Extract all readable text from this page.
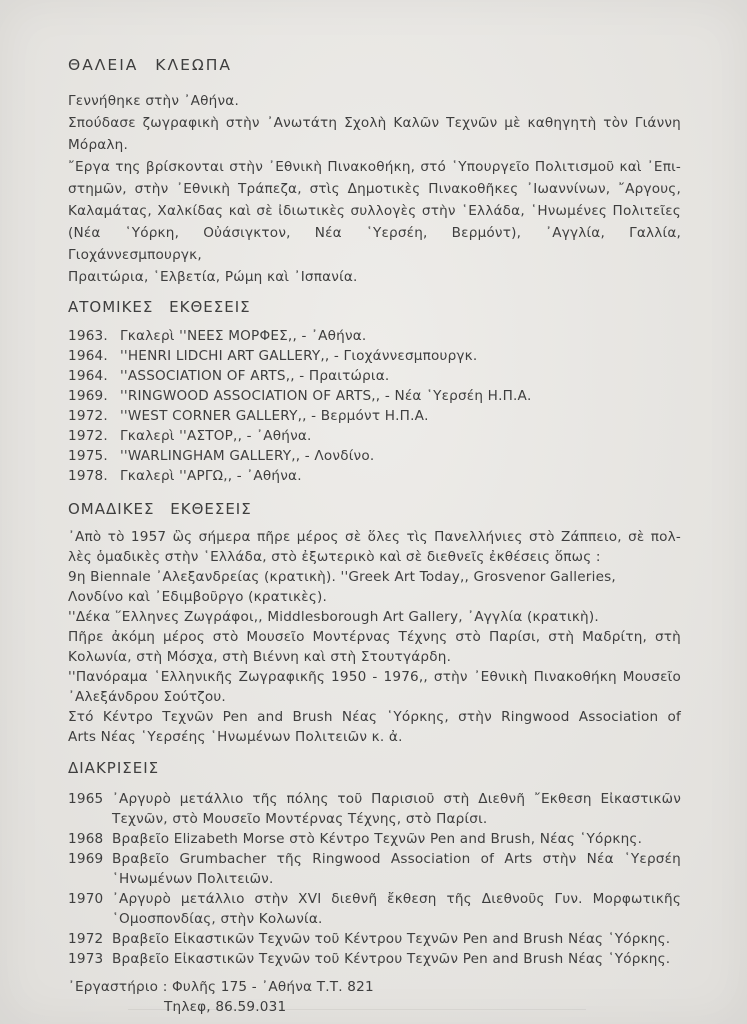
ΘΑΛΕΙΑ ΚΛΕΩΠΑ
Γεννήθηκε στὴν ᾿Αθήνα.
Σπούδασε ζωγραφικὴ στὴν ᾿Ανωτάτη Σχολὴ Καλῶν Τεχνῶν μὲ καθηγητὴ τὸν Γιάννη
Μόραλη.
῎Εργα της βρίσκονται στὴν ᾿Εθνικὴ Πινακοθήκη, στό ῾Υπουργεῖο Πολιτισμοῦ καὶ ᾿Επι-
στημῶν, στὴν ᾿Εθνικὴ Τράπεζα, στὶς Δημοτικὲς Πινακοθῆκες ᾿Ιωαννίνων, ῎Αργους,
Καλαμάτας, Χαλκίδας καὶ σὲ ἰδιωτικὲς συλλογὲς στὴν ῾Ελλάδα, ῾Ηνωμένες Πολιτεῖες
(Νέα ῾Υόρκη, Οὐάσιγκτον, Νέα ῾Υερσέη, Βερμόντ), ᾿Αγγλία, Γαλλία, Γιοχάννεσμπουργκ,
Πραιτώρια, ῾Ελβετία, Ρώμη καὶ ᾿Ισπανία.
ΑΤΟΜΙΚΕΣ ΕΚΘΕΣΕΙΣ
1963. Γκαλερὶ ''ΝΕΕΣ ΜΟΡΦΕΣ,, - ᾿Αθήνα.
1964. ''HENRI LIDCHI ART GALLERY,, - Γιοχάννεσμπουργκ.
1964. ''ASSOCIATION OF ARTS,, - Πραιτώρια.
1969. ''RINGWOOD ASSOCIATION OF ARTS,, - Νέα ῾Υερσέη Η.Π.Α.
1972. ''WEST CORNER GALLERY,, - Βερμόντ Η.Π.Α.
1972. Γκαλερὶ ''ΑΣΤΟΡ,, - ᾿Αθήνα.
1975. ''WARLINGHAM GALLERY,, - Λονδίνο.
1978. Γκαλερὶ ''ΑΡΓΩ,, - ᾿Αθήνα.
ΟΜΑΔΙΚΕΣ ΕΚΘΕΣΕΙΣ
᾿Απὸ τὸ 1957 ὣς σήμερα πῆρε μέρος σὲ ὅλες τὶς Πανελλήνιες στὸ Ζάππειο, σὲ πολ-
λὲς ὁμαδικὲς στὴν ῾Ελλάδα, στὸ ἐξωτερικὸ καὶ σὲ διεθνεῖς ἐκθέσεις ὅπως :
9η Biennale ᾿Αλεξανδρείας (κρατικὴ). ''Greek Art Today,, Grosvenor Galleries,
Λονδίνο καὶ ᾿Εδιμβοῦργο (κρατικὲς).
''Δέκα ῞Ελληνες Ζωγράφοι,, Middlesborough Art Gallery, ᾿Αγγλία (κρατικὴ).
Πῆρε ἀκόμη μέρος στὸ Μουσεῖο Μοντέρνας Τέχνης στὸ Παρίσι, στὴ Μαδρίτη, στὴ
Κολωνία, στὴ Μόσχα, στὴ Βιέννη καὶ στὴ Στουτγάρδη.
''Πανόραμα ῾Ελληνικῆς Ζωγραφικῆς 1950 - 1976,, στὴν ᾿Εθνικὴ Πινακοθήκη Μουσεῖο
᾿Αλεξάνδρου Σούτζου.
Στό Κέντρο Τεχνῶν Pen and Brush Νέας ῾Υόρκης, στὴν Ringwood Association of
Arts Νέας ῾Υερσέης ῾Ηνωμένων Πολιτειῶν κ. ἀ.
ΔΙΑΚΡΙΣΕΙΣ
1965 ᾿Αργυρὸ μετάλλιο τῆς πόλης τοῦ Παρισιοῦ στὴ Διεθνῆ ῎Εκθεση Εἰκαστικῶν
Τεχνῶν, στὸ Μουσεῖο Μοντέρνας Τέχνης, στὸ Παρίσι.
1968 Βραβεῖο Elizabeth Morse στὸ Κέντρο Τεχνῶν Pen and Brush, Νέας ῾Υόρκης.
1969 Βραβεῖο Grumbacher τῆς Ringwood Association of Arts στὴν Νέα ῾Υερσέη
῾Ηνωμένων Πολιτειῶν.
1970 ᾿Αργυρὸ μετάλλιο στὴν XVI διεθνῆ ἔκθεση τῆς Διεθνοῦς Γυν. Μορφωτικῆς
῾Ομοσπονδίας, στὴν Κολωνία.
1972 Βραβεῖο Εἰκαστικῶν Τεχνῶν τοῦ Κέντρου Τεχνῶν Pen and Brush Νέας ῾Υόρκης.
1973 Βραβεῖο Εἰκαστικῶν Τεχνῶν τοῦ Κέντρου Τεχνῶν Pen and Brush Νέας ῾Υόρκης.
᾿Εργαστήριο : Φυλῆς 175 - ᾿Αθήνα Τ.Τ. 821
Τηλεφ, 86.59.031
